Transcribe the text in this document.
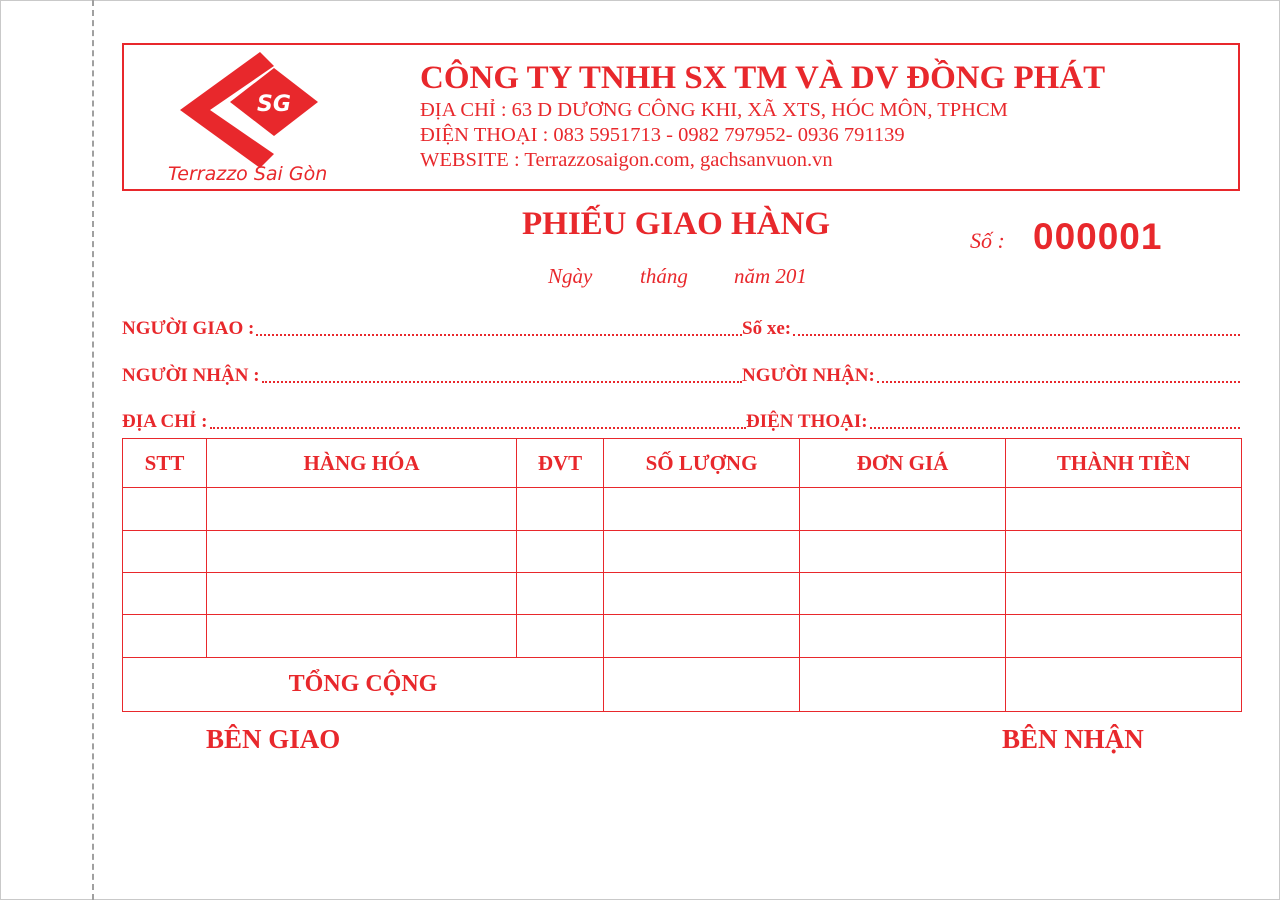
SG
Terrazzo Sai Gòn
CÔNG TY TNHH SX TM VÀ DV ĐỒNG PHÁT
ĐỊA CHỈ : 63 D DƯƠNG CÔNG KHI, XÃ XTS, HÓC MÔN, TPHCM
ĐIỆN THOẠI : 083 5951713 - 0982 797952- 0936 791139
WEBSITE : Terrazzosaigon.com, gachsanvuon.vn
PHIẾU GIAO HÀNG	Số : 000001
Ngày tháng năm 201
NGƯỜI GIAO :	Số xe:
NGƯỜI NHẬN :	NGƯỜI NHẬN:
ĐỊA CHỈ :	ĐIỆN THOẠI:
STT	HÀNG HÓA	ĐVT	SỐ LƯỢNG	ĐƠN GIÁ	THÀNH TIỀN

TỔNG CỘNG					
BÊN GIAO	BÊN NHẬN
